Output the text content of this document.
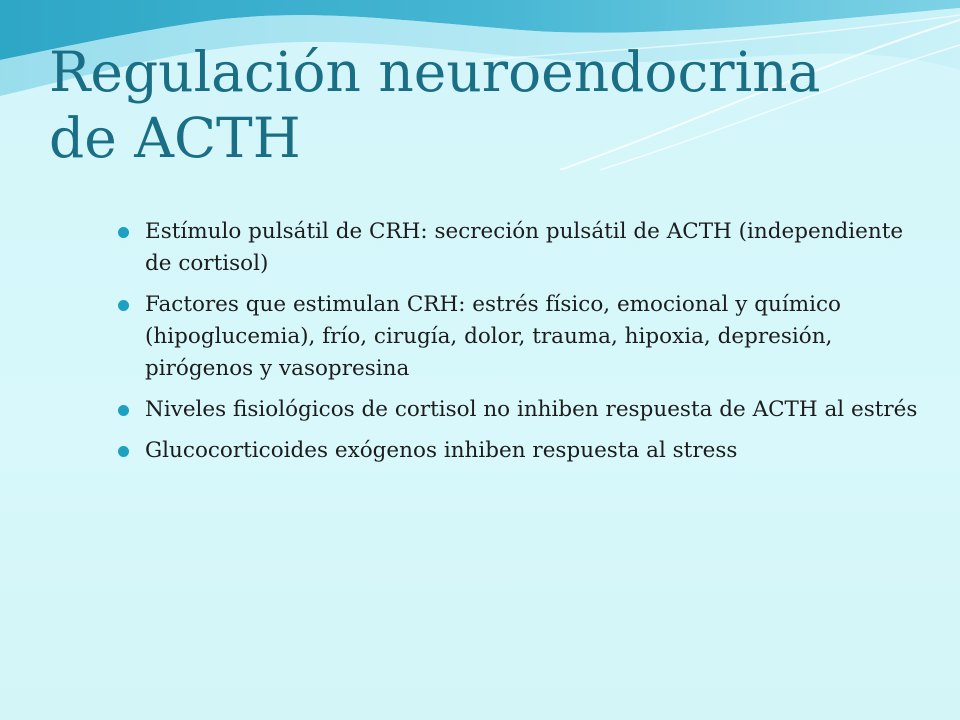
Regulación neuroendocrina
de ACTH
Estímulo pulsátil de CRH: secreción pulsátil de ACTH (independiente de cortisol)
Factores que estimulan CRH: estrés físico, emocional y químico (hipoglucemia), frío, cirugía, dolor, trauma, hipoxia, depresión, pirógenos y vasopresina
Niveles fisiológicos de cortisol no inhiben respuesta de ACTH al estrés
Glucocorticoides exógenos inhiben respuesta al stress
